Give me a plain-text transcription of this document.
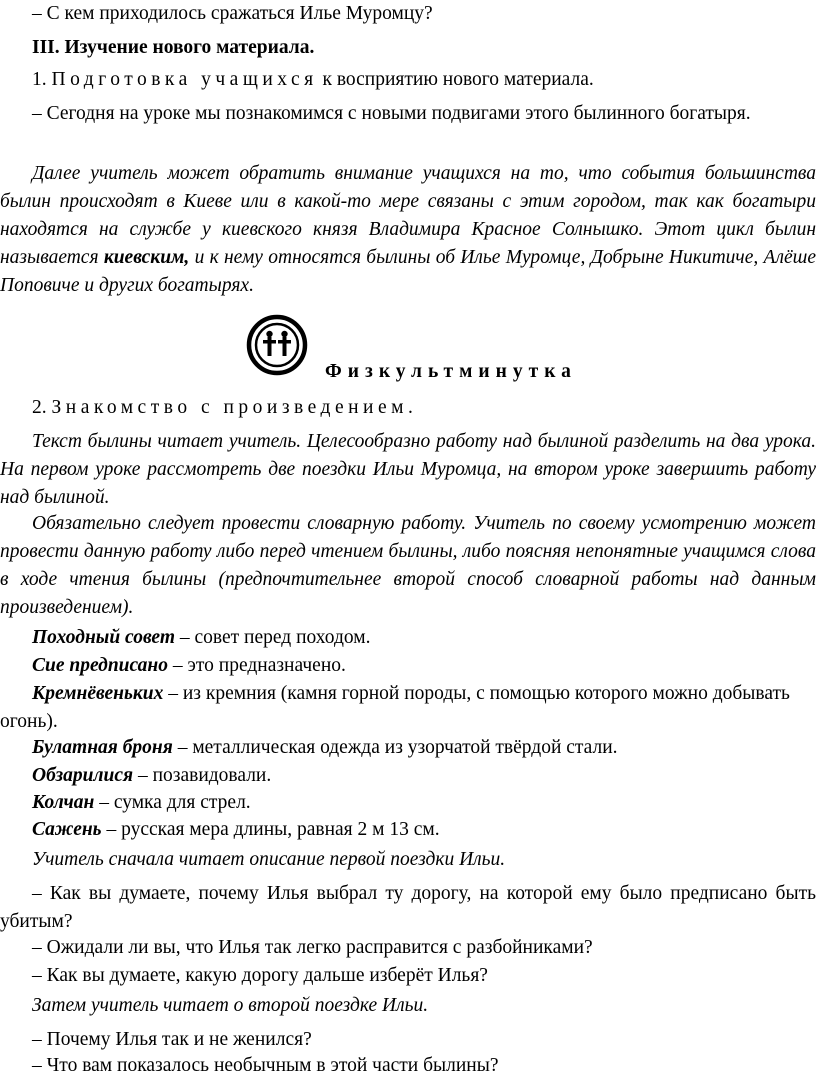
– С кем приходилось сражаться Илье Муромцу?

III. Изучение нового материала.

1. Подготовка учащихся к восприятию нового материала.

– Сегодня на уроке мы познакомимся с новыми подвигами этого былинного богатыря.

Далее учитель может обратить внимание учащихся на то, что события большинства былин происходят в Киеве или в какой-то мере связаны с этим городом, так как богатыри находятся на службе у киевского князя Владимира Красное Солнышко. Этот цикл былин называется киевским, и к нему относятся былины об Илье Муромце, Добрыне Никитиче, Алёше Поповиче и других богатырях.

Физкультминутка

2. Знакомство с произведением.

Текст былины читает учитель. Целесообразно работу над былиной разделить на два урока. На первом уроке рассмотреть две поездки Ильи Муромца, на втором уроке завершить работу над былиной.

Обязательно следует провести словарную работу. Учитель по своему усмотрению может провести данную работу либо перед чтением былины, либо поясняя непонятные учащимся слова в ходе чтения былины (предпочтительнее второй способ словарной работы над данным произведением).

Походный совет – совет перед походом.

Сие предписано – это предназначено.

Кремнёвеньких – из кремния (камня горной породы, с помощью которого можно добывать огонь).

Булатная броня – металлическая одежда из узорчатой твёрдой стали.

Обзарилися – позавидовали.

Колчан – сумка для стрел.

Сажень – русская мера длины, равная 2 м 13 см.

Учитель сначала читает описание первой поездки Ильи.

– Как вы думаете, почему Илья выбрал ту дорогу, на которой ему было предписано быть убитым?

– Ожидали ли вы, что Илья так легко расправится с разбойниками?

– Как вы думаете, какую дорогу дальше изберёт Илья?

Затем учитель читает о второй поездке Ильи.

– Почему Илья так и не женился?

– Что вам показалось необычным в этой части былины?
